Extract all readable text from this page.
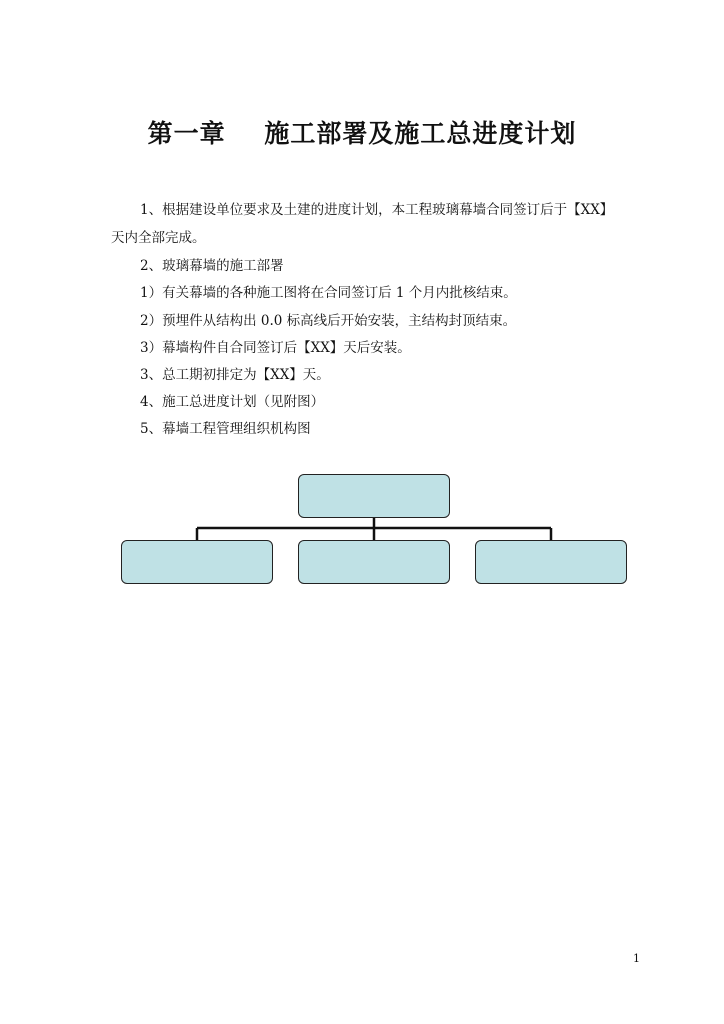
第一章    施工部署及施工总进度计划
1、根据建设单位要求及土建的进度计划，本工程玻璃幕墙合同签订后于【XX】
天内全部完成。
2、玻璃幕墙的施工部署
1）有关幕墙的各种施工图将在合同签订后 1 个月内批核结束。
2）预埋件从结构出 0.0 标高线后开始安装，主结构封顶结束。
3）幕墙构件自合同签订后【XX】天后安装。
3、总工期初排定为【XX】天。
4、施工总进度计划（见附图）
5、幕墙工程管理组织机构图
1
